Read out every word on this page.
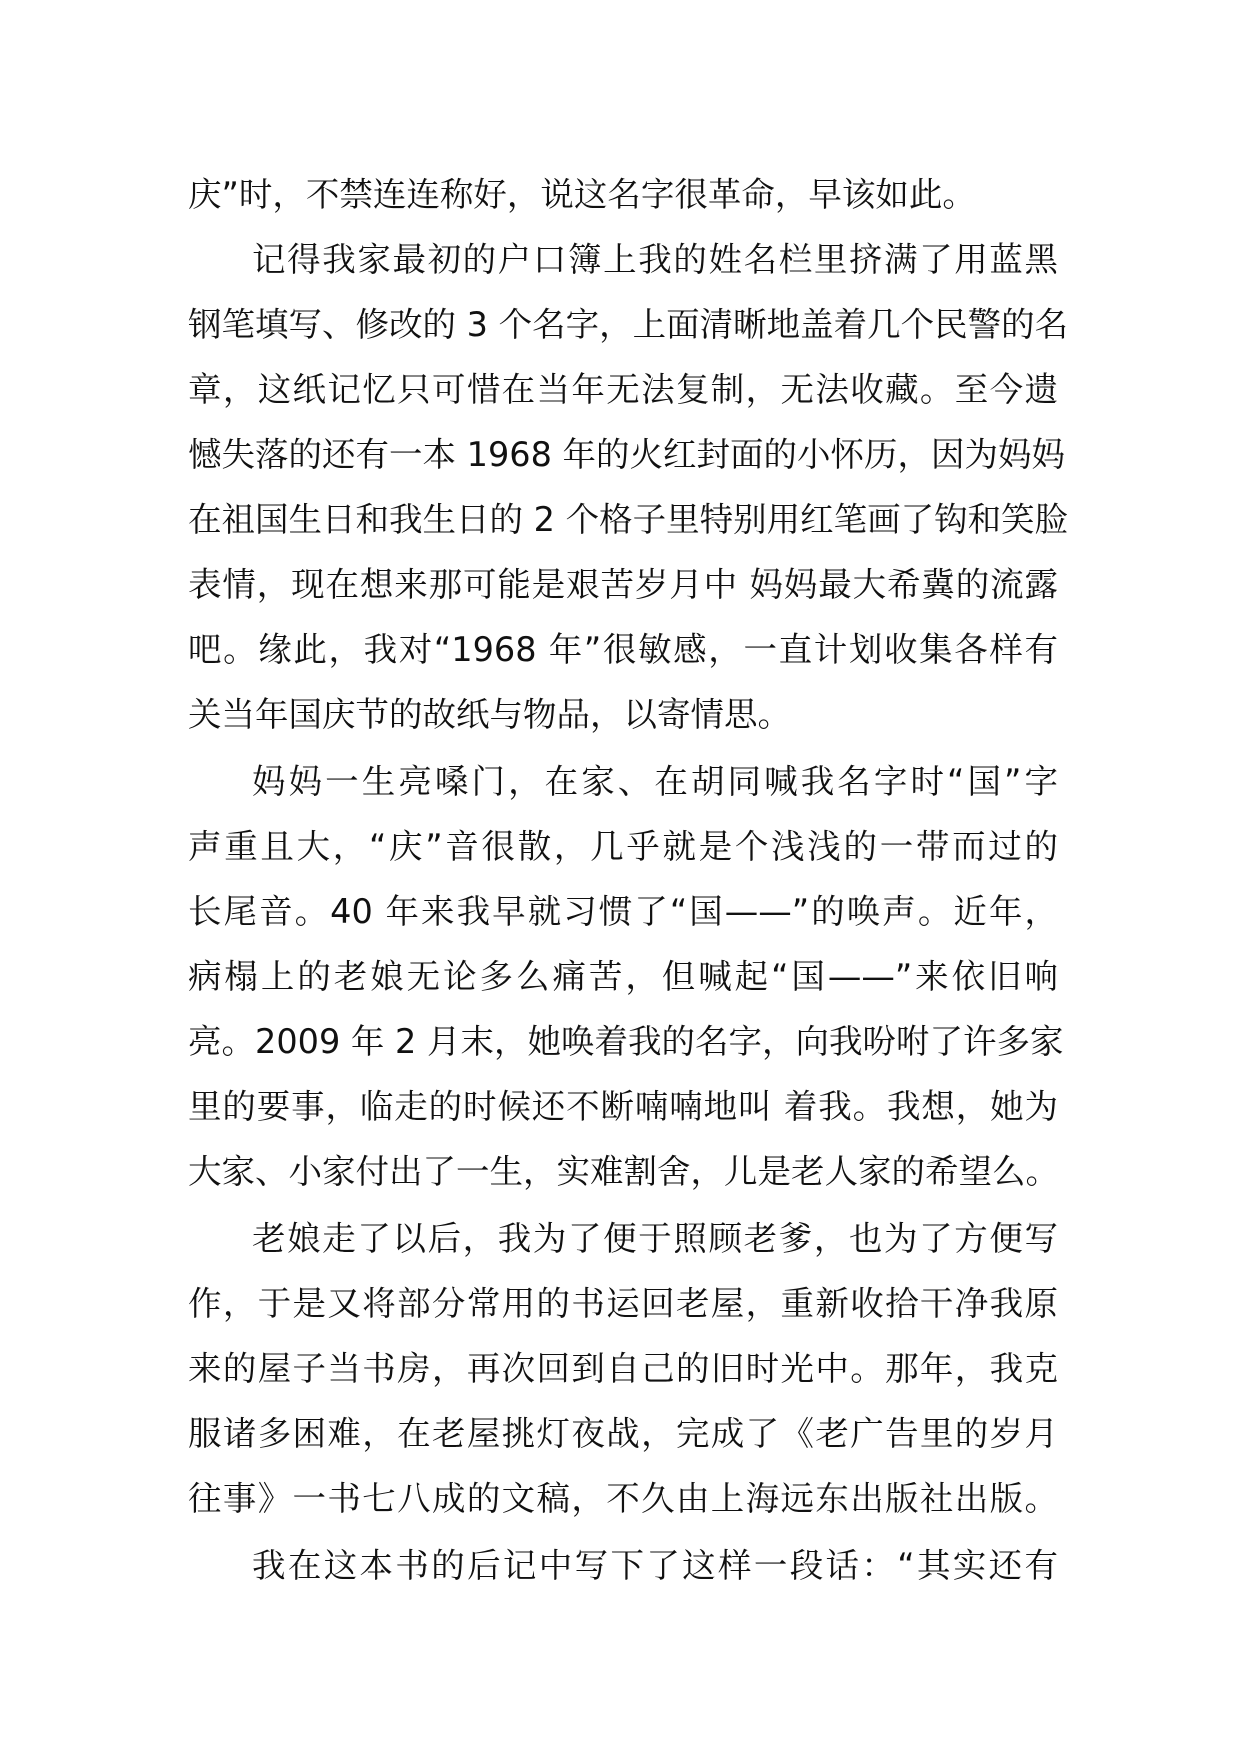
庆”时，不禁连连称好，说这名字很革命，早该如此。
记得我家最初的户口簿上我的姓名栏里挤满了用蓝黑
钢笔填写、修改的 3 个名字，上面清晰地盖着几个民警的名
章，这纸记忆只可惜在当年无法复制，无法收藏。至今遗
憾失落的还有一本 1968 年的火红封面的小怀历，因为妈妈
在祖国生日和我生日的 2 个格子里特别用红笔画了钩和笑脸
表情，现在想来那可能是艰苦岁月中 妈妈最大希冀的流露
吧。缘此，我对“1968 年”很敏感，一直计划收集各样有
关当年国庆节的故纸与物品，以寄情思。
妈妈一生亮嗓门，在家、在胡同喊我名字时“国”字
声重且大，“庆”音很散，几乎就是个浅浅的一带而过的
长尾音。40 年来我早就习惯了“国——”的唤声。近年，
病榻上的老娘无论多么痛苦，但喊起“国——”来依旧响
亮。2009 年 2 月末，她唤着我的名字，向我吩咐了许多家
里的要事，临走的时候还不断喃喃地叫 着我。我想，她为
大家、小家付出了一生，实难割舍，儿是老人家的希望么。
老娘走了以后，我为了便于照顾老爹，也为了方便写
作，于是又将部分常用的书运回老屋，重新收拾干净我原
来的屋子当书房，再次回到自己的旧时光中。那年，我克
服诸多困难，在老屋挑灯夜战，完成了《老广告里的岁月
往事》一书七八成的文稿，不久由上海远东出版社出版。
我在这本书的后记中写下了这样一段话：“其实还有
